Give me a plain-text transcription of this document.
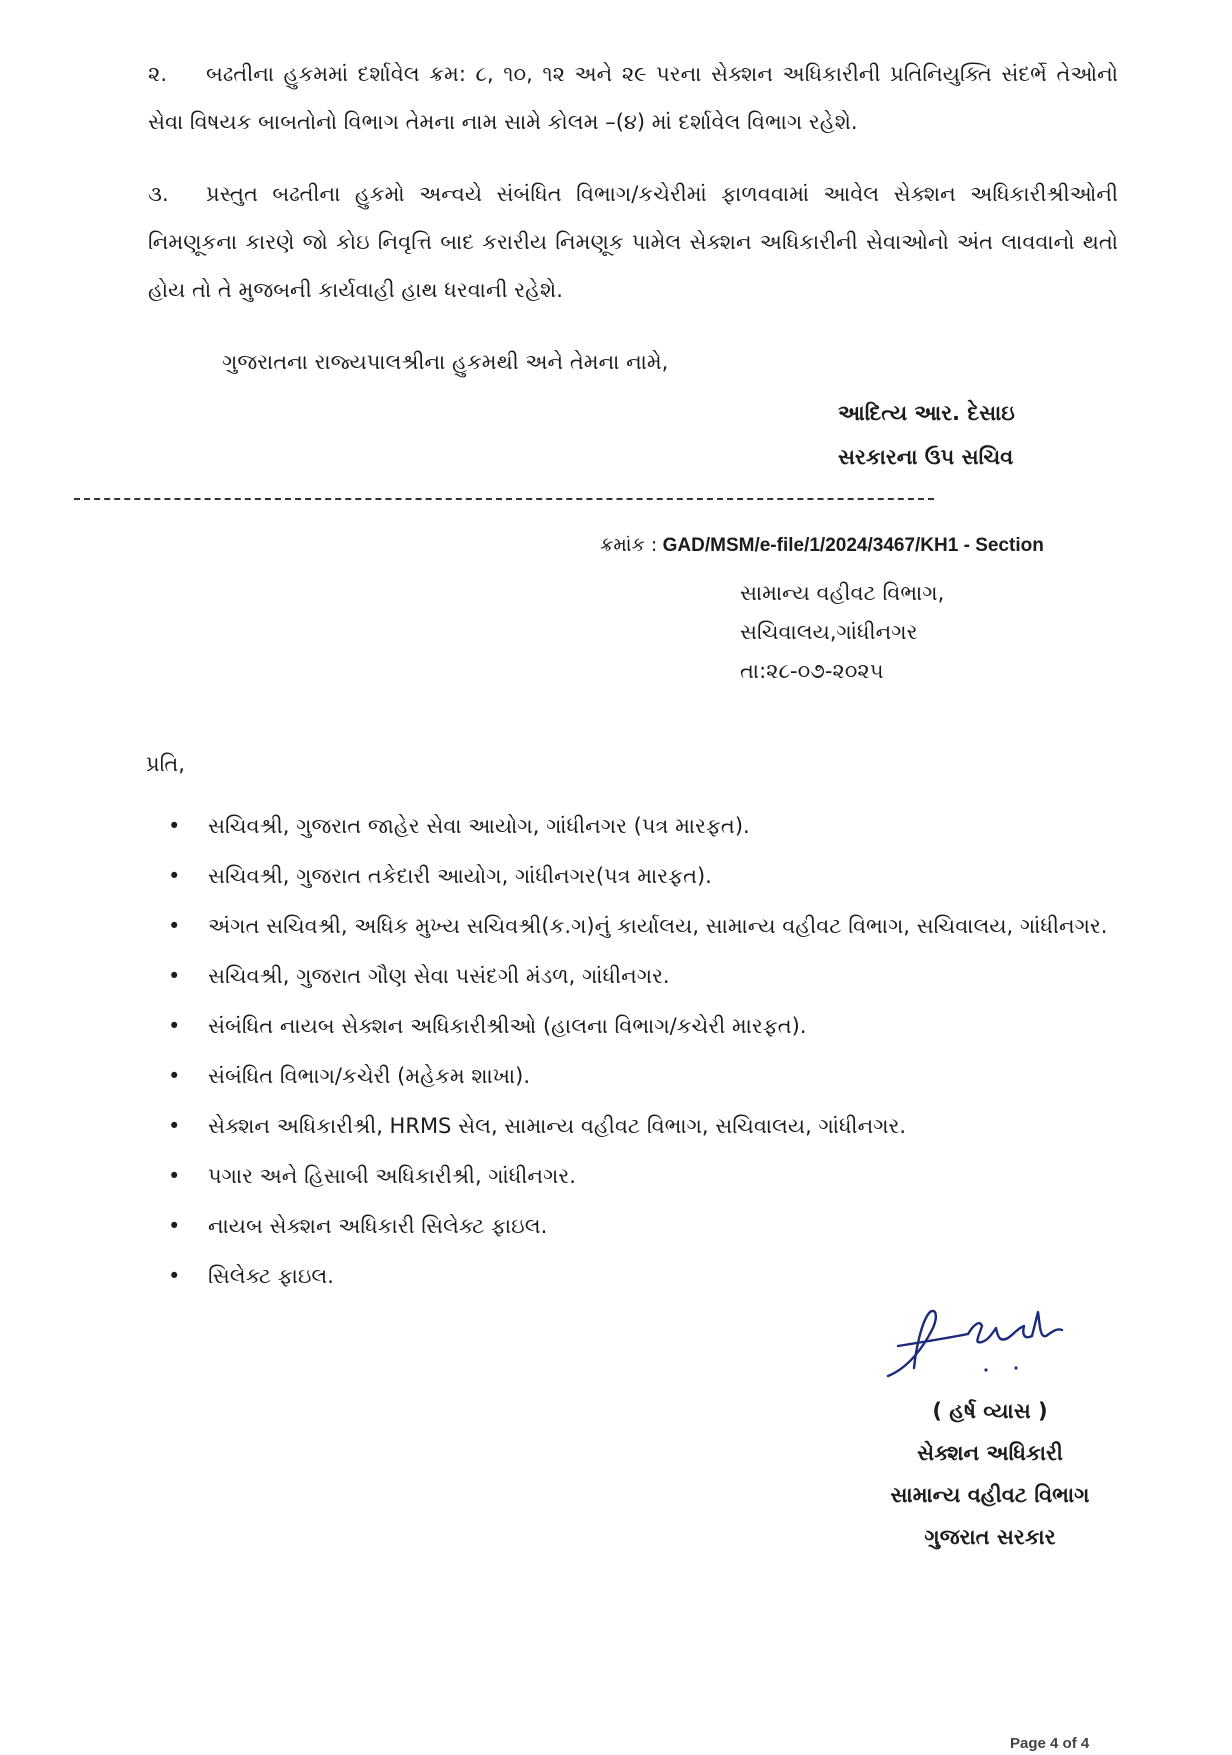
૨. બઢતીના હુકમમાં દર્શાવેલ ક્રમ: ૮, ૧૦, ૧૨ અને ૨૯ પરના સેક્શન અધિકારીની પ્રતિનિયુક્તિ સંદર્ભે તેઓનો સેવા વિષયક બાબતોનો વિભાગ તેમના નામ સામે કોલમ –(૪) માં દર્શાવેલ વિભાગ રહેશે.

૩. પ્રસ્તુત બઢતીના હુકમો અન્વયે સંબંધિત વિભાગ/કચેરીમાં ફાળવવામાં આવેલ સેક્શન અધિકારીશ્રીઓની નિમણૂકના કારણે જો કોઇ નિવૃત્તિ બાદ કરારીય નિમણૂક પામેલ સેક્શન અધિકારીની સેવાઓનો અંત લાવવાનો થતો હોય તો તે મુજબની કાર્યવાહી હાથ ધરવાની રહેશે.

ગુજરાતના રાજ્યપાલશ્રીના હુકમથી અને તેમના નામે,
આદિત્ય આર. દેસાઇ
સરકારના ઉપ સચિવ
ક્રમાંક : GAD/MSM/e-file/1/2024/3467/KH1 - Section
સામાન્ય વહીવટ વિભાગ,
સચિવાલય,ગાંધીનગર
તા:૨૮-૦૭-૨૦૨૫
પ્રતિ,
• સચિવશ્રી, ગુજરાત જાહેર સેવા આયોગ, ગાંધીનગર (પત્ર મારફત).
• સચિવશ્રી, ગુજરાત તકેદારી આયોગ, ગાંધીનગર(પત્ર મારફત).
• અંગત સચિવશ્રી, અધિક મુખ્ય સચિવશ્રી(ક.ગ)નું કાર્યાલય, સામાન્ય વહીવટ વિભાગ, સચિવાલય, ગાંધીનગર.
• સચિવશ્રી, ગુજરાત ગૌણ સેવા પસંદગી મંડળ, ગાંધીનગર.
• સંબંધિત નાયબ સેક્શન અધિકારીશ્રીઓ (હાલના વિભાગ/કચેરી મારફત).
• સંબંધિત વિભાગ/કચેરી (મહેકમ શાખા).
• સેક્શન અધિકારીશ્રી, HRMS સેલ, સામાન્ય વહીવટ વિભાગ, સચિવાલય, ગાંધીનગર.
• પગાર અને હિસાબી અધિકારીશ્રી, ગાંધીનગર.
• નાયબ સેક્શન અધિકારી સિલેક્ટ ફાઇલ.
• સિલેક્ટ ફાઇલ.
( હર્ષ વ્યાસ )
સેક્શન અધિકારી
સામાન્ય વહીવટ વિભાગ
ગુજરાત સરકાર
Page 4 of 4
